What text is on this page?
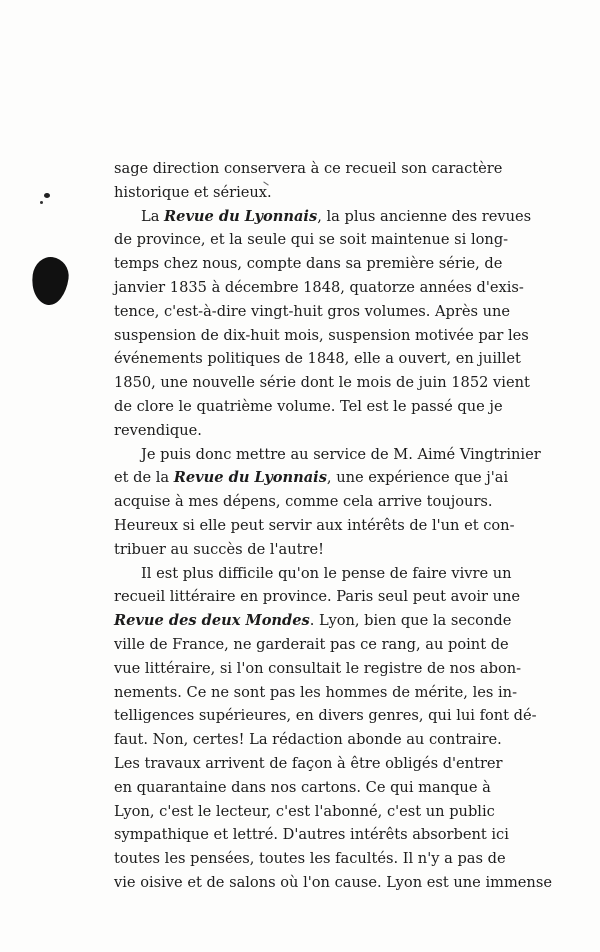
sage direction conservera à ce recueil son caractère
historique et sérieux.
La Revue du Lyonnais, la plus ancienne des revues
de province, et la seule qui se soit maintenue si long-
temps chez nous, compte dans sa première série, de
janvier 1835 à décembre 1848, quatorze années d'exis-
tence, c'est-à-dire vingt-huit gros volumes. Après une
suspension de dix-huit mois, suspension motivée par les
événements politiques de 1848, elle a ouvert, en juillet
1850, une nouvelle série dont le mois de juin 1852 vient
de clore le quatrième volume. Tel est le passé que je
revendique.
Je puis donc mettre au service de M. Aimé Vingtrinier
et de la Revue du Lyonnais, une expérience que j'ai
acquise à mes dépens, comme cela arrive toujours.
Heureux si elle peut servir aux intérêts de l'un et con-
tribuer au succès de l'autre!
Il est plus difficile qu'on le pense de faire vivre un
recueil littéraire en province. Paris seul peut avoir une
Revue des deux Mondes. Lyon, bien que la seconde
ville de France, ne garderait pas ce rang, au point de
vue littéraire, si l'on consultait le registre de nos abon-
nements. Ce ne sont pas les hommes de mérite, les in-
telligences supérieures, en divers genres, qui lui font dé-
faut. Non, certes! La rédaction abonde au contraire.
Les travaux arrivent de façon à être obligés d'entrer
en quarantaine dans nos cartons. Ce qui manque à
Lyon, c'est le lecteur, c'est l'abonné, c'est un public
sympathique et lettré. D'autres intérêts absorbent ici
toutes les pensées, toutes les facultés. Il n'y a pas de
vie oisive et de salons où l'on cause. Lyon est une immense
